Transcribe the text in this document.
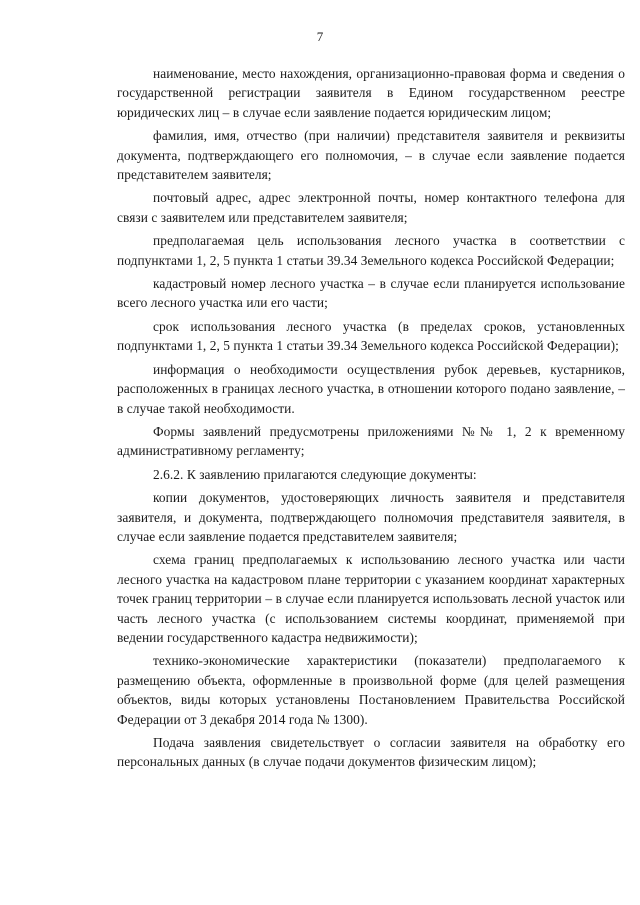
7

наименование, место нахождения, организационно-правовая форма и сведения о государственной регистрации заявителя в Едином государственном реестре юридических лиц – в случае если заявление подается юридическим лицом;

фамилия, имя, отчество (при наличии) представителя заявителя и реквизиты документа, подтверждающего его полномочия, – в случае если заявление подается представителем заявителя;

почтовый адрес, адрес электронной почты, номер контактного телефона для связи с заявителем или представителем заявителя;

предполагаемая цель использования лесного участка в соответствии с подпунктами 1, 2, 5 пункта 1 статьи 39.34 Земельного кодекса Российской Федерации;

кадастровый номер лесного участка – в случае если планируется использование всего лесного участка или его части;

срок использования лесного участка (в пределах сроков, установленных подпунктами 1, 2, 5 пункта 1 статьи 39.34 Земельного кодекса Российской Федерации);

информация о необходимости осуществления рубок деревьев, кустарников, расположенных в границах лесного участка, в отношении которого подано заявление, – в случае такой необходимости.

Формы заявлений предусмотрены приложениями №№ 1, 2 к временному административному регламенту;

2.6.2. К заявлению прилагаются следующие документы:

копии документов, удостоверяющих личность заявителя и представителя заявителя, и документа, подтверждающего полномочия представителя заявителя, в случае если заявление подается представителем заявителя;

схема границ предполагаемых к использованию лесного участка или части лесного участка на кадастровом плане территории с указанием координат характерных точек границ территории – в случае если планируется использовать лесной участок или часть лесного участка (с использованием системы координат, применяемой при ведении государственного кадастра недвижимости);

технико-экономические характеристики (показатели) предполагаемого к размещению объекта, оформленные в произвольной форме (для целей размещения объектов, виды которых установлены Постановлением Правительства Российской Федерации от 3 декабря 2014 года № 1300).

Подача заявления свидетельствует о согласии заявителя на обработку его персональных данных (в случае подачи документов физическим лицом);
